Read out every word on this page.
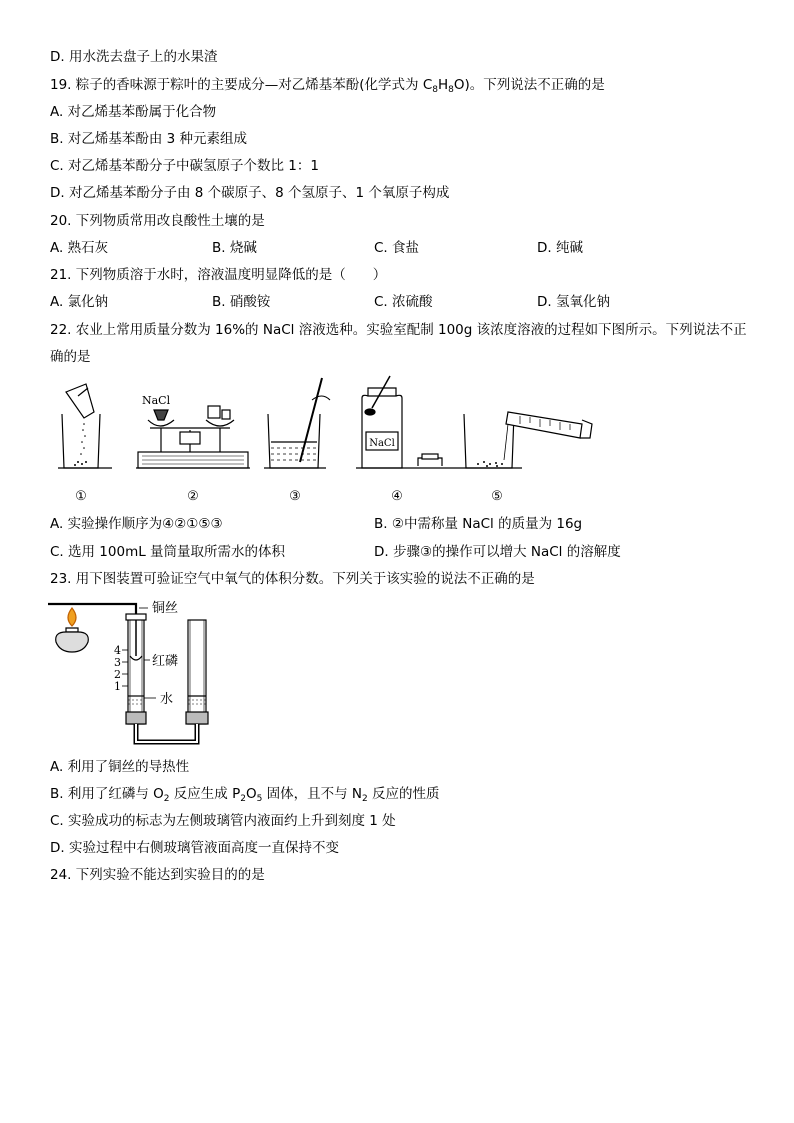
D. 用水洗去盘子上的水果渣
19. 粽子的香味源于粽叶的主要成分—对乙烯基苯酚(化学式为 $C_8H_8O$)。下列说法不正确的是
A. 对乙烯基苯酚属于化合物
B. 对乙烯基苯酚由 3 种元素组成
C. 对乙烯基苯酚分子中碳氢原子个数比 1：1
D. 对乙烯基苯酚分子由 8 个碳原子、8 个氢原子、1 个氧原子构成
20. 下列物质常用改良酸性土壤的是
A. 熟石灰	B. 烧碱	C. 食盐	D. 纯碱
21. 下列物质溶于水时，溶液温度明显降低的是（　　）
A. 氯化钠	B. 硝酸铵	C. 浓硫酸	D. 氢氧化钠
22. 农业上常用质量分数为 16%的 NaCl 溶液选种。实验室配制 100g 该浓度溶液的过程如下图所示。下列说法不正
确的是
①
NaCl
②	③
NaCl
④	⑤
A. 实验操作顺序为④②①⑤③	B. ②中需称量 NaCl 的质量为 16g
C. 选用 100mL 量筒量取所需水的体积	D. 步骤③的操作可以增大 NaCl 的溶解度
23. 用下图装置可验证空气中氧气的体积分数。下列关于该实验的说法不正确的是
铜丝
4
3
2
1
红磷
水
A. 利用了铜丝的导热性
B. 利用了红磷与 $O_2$ 反应生成 $P_2O_5$ 固体，且不与 $N_2$ 反应的性质
C. 实验成功的标志为左侧玻璃管内液面约上升到刻度 1 处
D. 实验过程中右侧玻璃管液面高度一直保持不变
24. 下列实验不能达到实验目的的是
